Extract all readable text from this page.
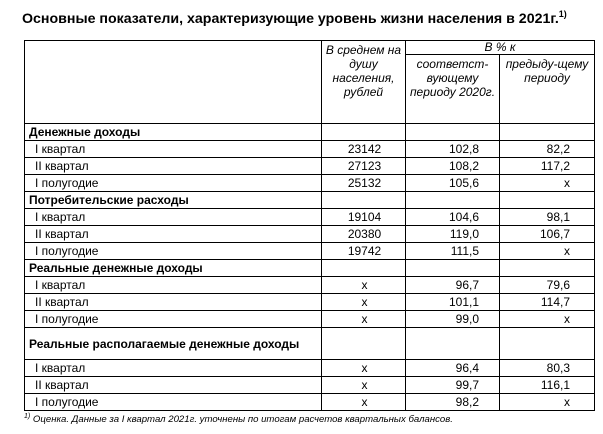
Основные показатели, характеризующие уровень жизни населения в 2021г.$^{1)}$
	В среднем на душу населения, рублей	В % к	
		соответст-вующему периоду 2020г.	предыду-щему периоду
Денежные доходы			
I квартал	23142	102,8	82,2
II квартал	27123	108,2	117,2
I полугодие	25132	105,6	х
Потребительские расходы			
I квартал	19104	104,6	98,1
II квартал	20380	119,0	106,7
I полугодие	19742	111,5	х
Реальные денежные доходы			
I квартал	х	96,7	79,6
II квартал	х	101,1	114,7
I полугодие	х	99,0	х
Реальные располагаемые денежные доходы			
I квартал	х	96,4	80,3
II квартал	х	99,7	116,1
I полугодие	х	98,2	х
$^{1)}$ Оценка. Данные за I квартал 2021г. уточнены по итогам расчетов квартальных балансов.
